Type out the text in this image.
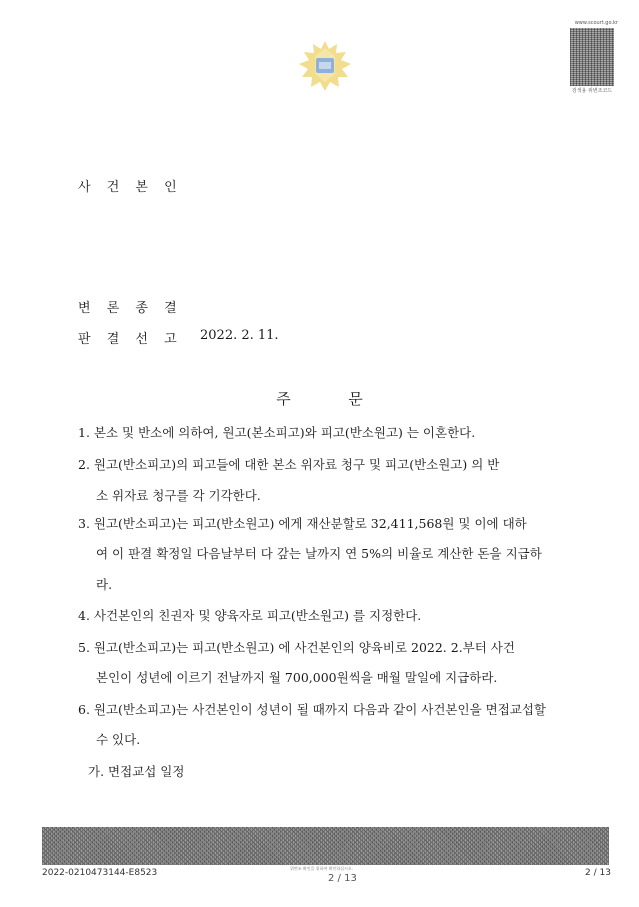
www.scourt.go.kr
검색용 위변조코드
사 건 본 인
변 론 종 결
판 결 선 고 2022. 2. 11.
주	문
1. 본소 및 반소에 의하여, 원고(본소피고)와 피고(반소원고) 는 이혼한다.
2. 원고(반소피고)의 피고들에 대한 본소 위자료 청구 및 피고(반소원고) 의 반
소 위자료 청구를 각 기각한다.
3. 원고(반소피고)는 피고(반소원고) 에게 재산분할로 32,411,568원 및 이에 대하
여 이 판결 확정일 다음날부터 다 갚는 날까지 연 5%의 비율로 계산한 돈을 지급하
라.
4. 사건본인의 친권자 및 양육자로 피고(반소원고) 를 지정한다.
5. 원고(반소피고)는 피고(반소원고) 에 사건본인의 양육비로 2022. 2.부터 사건
본인이 성년에 이르기 전날까지 월 700,000원씩을 매월 말일에 지급하라.
6. 원고(반소피고)는 사건본인이 성년이 될 때까지 다음과 같이 사건본인을 면접교섭할
수 있다.
가. 면접교섭 일정
2022-0210473144-E8523	위변조 확인을 위하여 확인하십시오.
2 / 13	2 / 13
